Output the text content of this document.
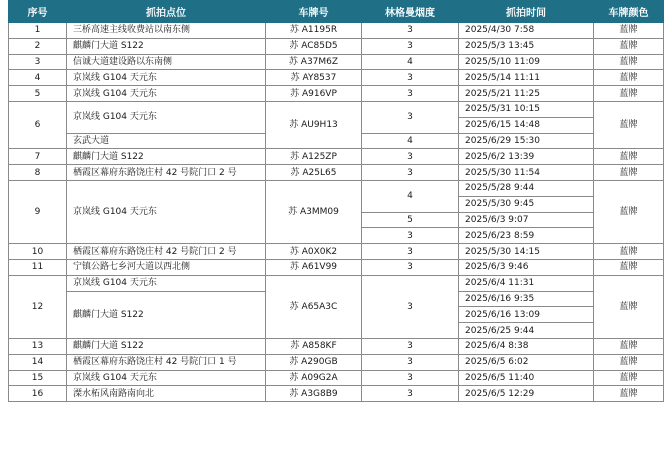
序号	抓拍点位	车牌号	林格曼烟度	抓拍时间	车牌颜色
1	三桥高速主线收费站以南东侧	苏 A1195R	3	2025/4/30 7:58	蓝牌
2	麒麟门大道 S122	苏 AC85D5	3	2025/5/3 13:45	蓝牌
3	信诚大道建设路以东南侧	苏 A37M6Z	4	2025/5/10 11:09	蓝牌
4	京岚线 G104 天元东	苏 AY8537	3	2025/5/14 11:11	蓝牌
5	京岚线 G104 天元东	苏 A916VP	3	2025/5/21 11:25	蓝牌
6	京岚线 G104 天元东	苏 AU9H13	3	2025/5/31 10:15	蓝牌
				2025/6/15 14:48	
	玄武大道		4	2025/6/29 15:30	
7	麒麟门大道 S122	苏 A125ZP	3	2025/6/2 13:39	蓝牌
8	栖霞区幕府东路饶庄村 42 号院门口 2 号	苏 A25L65	3	2025/5/30 11:54	蓝牌
9	京岚线 G104 天元东	苏 A3MM09	4	2025/5/28 9:44	蓝牌
				2025/5/30 9:45	
			5	2025/6/3 9:07	
			3	2025/6/23 8:59	
10	栖霞区幕府东路饶庄村 42 号院门口 2 号	苏 A0X0K2	3	2025/5/30 14:15	蓝牌
11	宁镇公路七乡河大道以西北侧	苏 A61V99	3	2025/6/3 9:46	蓝牌
12	京岚线 G104 天元东	苏 A65A3C	3	2025/6/4 11:31	蓝牌
	麒麟门大道 S122			2025/6/16 9:35	
				2025/6/16 13:09	
				2025/6/25 9:44	
13	麒麟门大道 S122	苏 A858KF	3	2025/6/4 8:38	蓝牌
14	栖霞区幕府东路饶庄村 42 号院门口 1 号	苏 A290GB	3	2025/6/5 6:02	蓝牌
15	京岚线 G104 天元东	苏 A09G2A	3	2025/6/5 11:40	蓝牌
16	溧水柘风南路南向北	苏 A3G8B9	3	2025/6/5 12:29	蓝牌
